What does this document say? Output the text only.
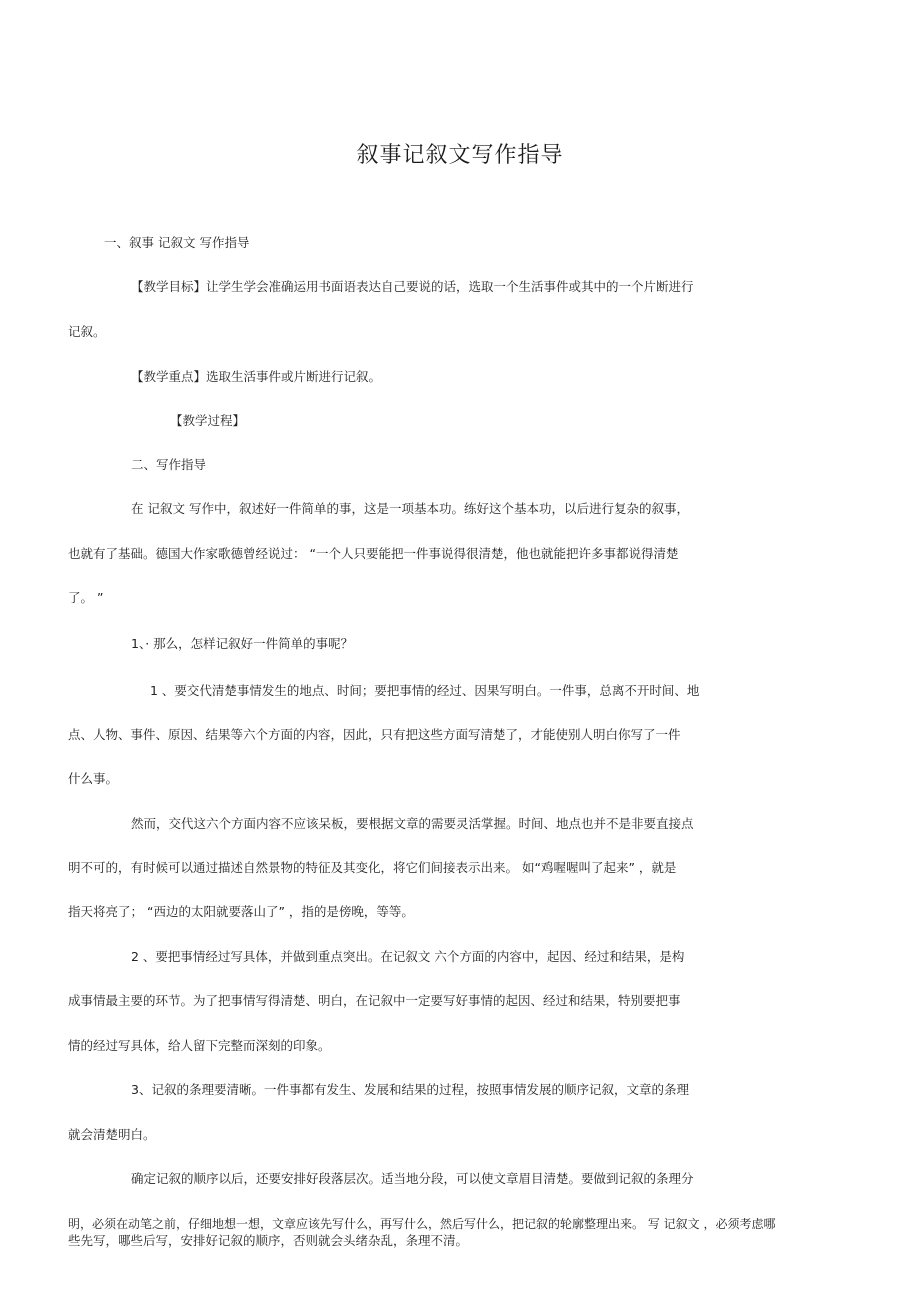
叙事记叙文写作指导
一、叙事 记叙文 写作指导
【教学目标】让学生学会准确运用书面语表达自己要说的话，选取一个生活事件或其中的一个片断进行
记叙。
【教学重点】选取生活事件或片断进行记叙。
【教学过程】
二、写作指导
在 记叙文 写作中，叙述好一件简单的事，这是一项基本功。练好这个基本功，以后进行复杂的叙事，
也就有了基础。德国大作家歌德曾经说过： “一个人只要能把一件事说得很清楚，他也就能把许多事都说得清楚
了。 ”
1、· 那么，怎样记叙好一件简单的事呢？
1 、要交代清楚事情发生的地点、时间；要把事情的经过、因果写明白。一件事，总离不开时间、地
点、人物、事件、原因、结果等六个方面的内容，因此，只有把这些方面写清楚了，才能使别人明白你写了一件
什么事。
然而，交代这六个方面内容不应该呆板，要根据文章的需要灵活掌握。时间、地点也并不是非要直接点
明不可的，有时候可以通过描述自然景物的特征及其变化，将它们间接表示出来。 如“鸡喔喔叫了起来” ，就是
指天将亮了； “西边的太阳就要落山了” ，指的是傍晚，等等。
2 、要把事情经过写具体，并做到重点突出。在记叙文 六个方面的内容中，起因、经过和结果，是构
成事情最主要的环节。为了把事情写得清楚、明白，在记叙中一定要写好事情的起因、经过和结果，特别要把事
情的经过写具体，给人留下完整而深刻的印象。
3、记叙的条理要清晰。一件事都有发生、发展和结果的过程，按照事情发展的顺序记叙，文章的条理
就会清楚明白。
确定记叙的顺序以后，还要安排好段落层次。适当地分段，可以使文章眉目清楚。要做到记叙的条理分
明，必须在动笔之前，仔细地想一想，文章应该先写什么，再写什么，然后写什么，把记叙的轮廓整理出来。 写 记叙文 ，必须考虑哪
些先写，哪些后写，安排好记叙的顺序，否则就会头绪杂乱，条理不清。
